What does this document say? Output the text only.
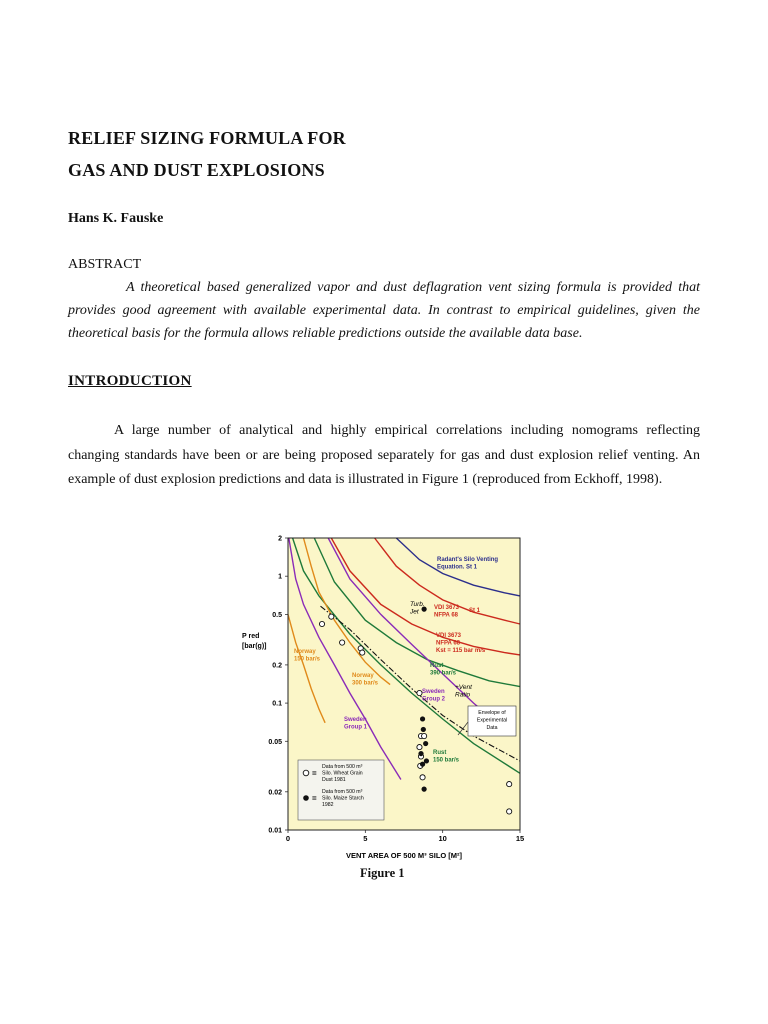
RELIEF SIZING FORMULA FOR
GAS AND DUST EXPLOSIONS
Hans K. Fauske
ABSTRACT

A theoretical based generalized vapor and dust deflagration vent sizing formula is provided that provides good agreement with available experimental data. In contrast to empirical guidelines, given the theoretical basis for the formula allows reliable predictions outside the available data base.

INTRODUCTION

A large number of analytical and highly empirical correlations including nomograms reflecting changing standards have been or are being proposed separately for gas and dust explosion relief venting. An example of dust explosion predictions and data is illustrated in Figure 1 (reproduced from Eckhoff, 1998).

0	5	10	15
0.01
0.02
0.05
0.1
0.2
0.5
1
2
Radant's Silo Venting
Equation. St 1
VDI 3673
NFPA 68
St 1
VDI 3673
NFPA 68
Kst = 115 bar m/s
Turb.
Jet
Rust
390 bar/s
Rust
150 bar/s
Norway
150 bar/s
Norway
300 bar/s
Sweden
Group 2
Sweden
Group 1
+Vent
Ratio
Envelope of
Experimental
Data
=
Data from 500 m³
Silo. Wheat Grain
Dust 1981
=
Data from 500 m³
Silo. Maize Starch
1982
VENT AREA OF 500 M³ SILO [M²]
P red
[bar(g)]
Figure 1
